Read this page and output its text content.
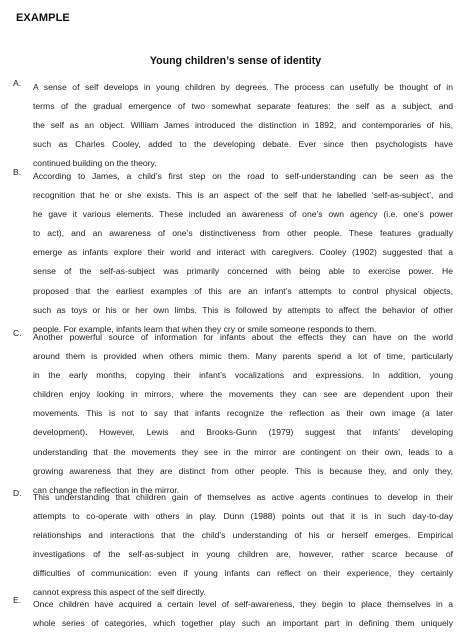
EXAMPLE
Young children’s sense of identity
A.	A sense of self develops in young children by degrees. The process can usefully be thought of in
terms of the gradual emergence of two somewhat separate features: the self as a subject, and
the self as an object. William James introduced the distinction in 1892, and contemporaries of his,
such as Charles Cooley, added to the developing debate. Ever since then psychologists have
continued building on the theory.
B.	According to James, a child’s first step on the road to self-understanding can be seen as the
recognition that he or she exists. This is an aspect of the self that he labelled ‘self-as-subject’, and
he gave it various elements. These included an awareness of one’s own agency (i.e. one’s power
to act), and an awareness of one’s distinctiveness from other people. These features gradually
emerge as infants explore their world and interact with caregivers. Cooley (1902) suggested that a
sense of the self-as-subject was primarily concerned with being able to exercise power. He
proposed that the earliest examples of this are an infant’s attempts to control physical objects,
such as toys or his or her own limbs. This is followed by attempts to affect the behavior of other
people. For example, infants learn that when they cry or smile someone responds to them.
C.	Another powerful source of information for infants about the effects they can have on the world
around them is provided when others mimic them. Many parents spend a lot of time, particularly
in the early months, copying their infant’s vocalizations and expressions. In addition, young
children enjoy looking in mirrors, where the movements they can see are dependent upon their
movements. This is not to say that infants recognize the reflection as their own image (a later
development). However, Lewis and Brooks-Gunn (1979) suggest that infants’ developing
understanding that the movements they see in the mirror are contingent on their own, leads to a
growing awareness that they are distinct from other people. This is because they, and only they,
can change the reflection in the mirror.
D.	This understanding that children gain of themselves as active agents continues to develop in their
attempts to co-operate with others in play. Dunn (1988) points out that it is in such day-to-day
relationships and interactions that the child’s understanding of his or herself emerges. Empirical
investigations of the self-as-subject in young children are, however, rather scarce because of
difficulties of communication: even if young infants can reflect on their experience, they certainly
cannot express this aspect of the self directly.
E.	Once children have acquired a certain level of self-awareness, they begin to place themselves in a
whole series of categories, which together play such an important part in defining them uniquely
